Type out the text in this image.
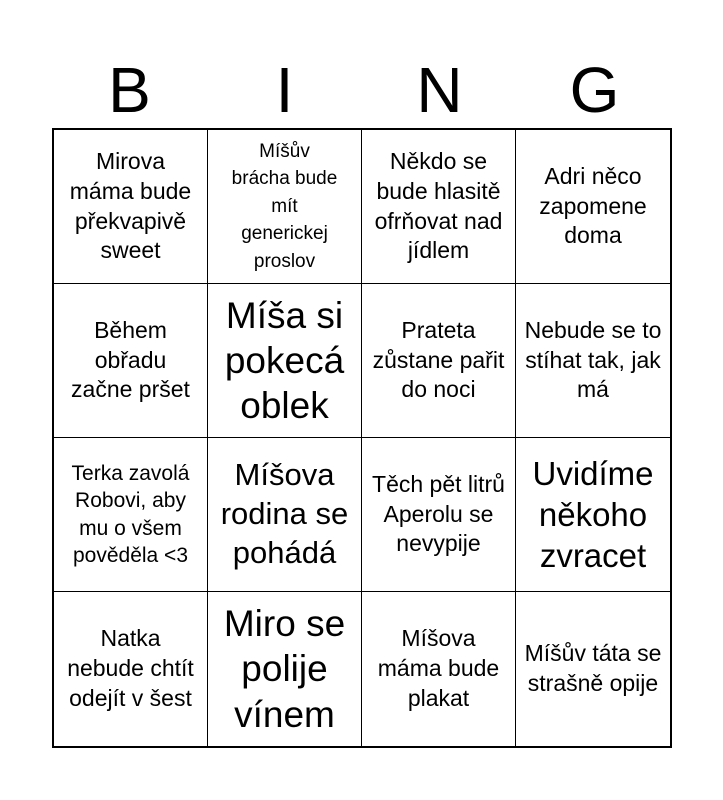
B	I	N	G
Mirova máma bude překvapivě sweet
Míšův brácha bude mít generickej proslov
Někdo se bude hlasitě ofrňovat nad jídlem
Adri něco zapomene doma
Během obřadu začne pršet
Míša si pokecá oblek
Prateta zůstane pařit do noci
Nebude se to stíhat tak, jak má
Terka zavolá Robovi, aby mu o všem pověděla <3
Míšova rodina se pohádá
Těch pět litrů Aperolu se nevypije
Uvidíme někoho zvracet
Natka nebude chtít odejít v šest
Miro se polije vínem
Míšova máma bude plakat
Míšův táta se strašně opije
